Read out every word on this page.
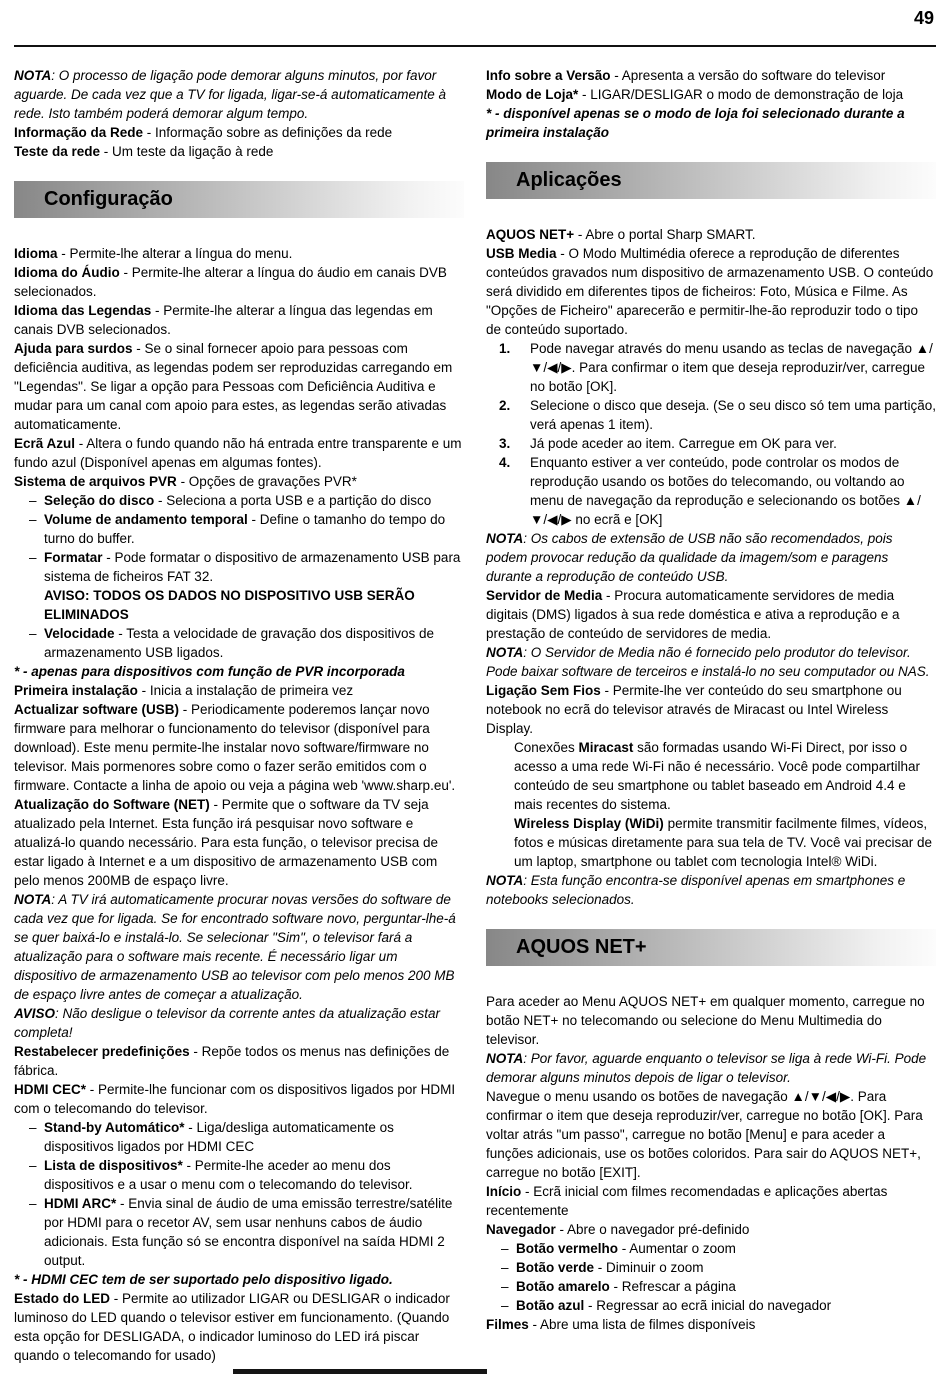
49
NOTA: O processo de ligação pode demorar alguns minutos, por favor aguarde. De cada vez que a TV for ligada, ligar-se-á automaticamente à rede. Isto também poderá demorar algum tempo.
Informação da Rede - Informação sobre as definições da rede
Teste da rede - Um teste da ligação à rede
Configuração
Idioma - Permite-lhe alterar a língua do menu.
Idioma do Áudio - Permite-lhe alterar a língua do áudio em canais DVB selecionados.
Idioma das Legendas - Permite-lhe alterar a língua das legendas em canais DVB selecionados.
Ajuda para surdos - Se o sinal fornecer apoio para pessoas com deficiência auditiva, as legendas podem ser reproduzidas carregando em "Legendas". Se ligar a opção para Pessoas com Deficiência Auditiva e mudar para um canal com apoio para estes, as legendas serão ativadas automaticamente.
Ecrã Azul - Altera o fundo quando não há entrada entre transparente e um fundo azul (Disponível apenas em algumas fontes).
Sistema de arquivos PVR - Opções de gravações PVR*
– Seleção do disco - Seleciona a porta USB e a partição do disco
– Volume de andamento temporal - Define o tamanho do tempo do turno do buffer.
– Formatar - Pode formatar o dispositivo de armazenamento USB para sistema de ficheiros FAT 32.
AVISO: TODOS OS DADOS NO DISPOSITIVO USB SERÃO ELIMINADOS
– Velocidade - Testa a velocidade de gravação dos dispositivos de armazenamento USB ligados.
* - apenas para dispositivos com função de PVR incorporada
Primeira instalação - Inicia a instalação de primeira vez
Actualizar software (USB) - Periodicamente poderemos lançar novo firmware para melhorar o funcionamento do televisor (disponível para download). Este menu permite-lhe instalar novo software/firmware no televisor. Mais pormenores sobre como o fazer serão emitidos com o firmware. Contacte a linha de apoio ou veja a página web 'www.sharp.eu'.
Atualização do Software (NET) - Permite que o software da TV seja atualizado pela Internet. Esta função irá pesquisar novo software e atualizá-lo quando necessário. Para esta função, o televisor precisa de estar ligado à Internet e a um dispositivo de armazenamento USB com pelo menos 200MB de espaço livre.
NOTA: A TV irá automaticamente procurar novas versões do software de cada vez que for ligada. Se for encontrado software novo, perguntar-lhe-á se quer baixá-lo e instalá-lo. Se selecionar "Sim", o televisor fará a atualização para o software mais recente. É necessário ligar um dispositivo de armazenamento USB ao televisor com pelo menos 200 MB de espaço livre antes de começar a atualização.
AVISO: Não desligue o televisor da corrente antes da atualização estar completa!
Restabelecer predefinições - Repõe todos os menus nas definições de fábrica.
HDMI CEC* - Permite-lhe funcionar com os dispositivos ligados por HDMI com o telecomando do televisor.
– Stand-by Automático* - Liga/desliga automaticamente os dispositivos ligados por HDMI CEC
– Lista de dispositivos* - Permite-lhe aceder ao menu dos dispositivos e a usar o menu com o telecomando do televisor.
– HDMI ARC* - Envia sinal de áudio de uma emissão terrestre/satélite por HDMI para o recetor AV, sem usar nenhuns cabos de áudio adicionais. Esta função só se encontra disponível na saída HDMI 2 output.
* - HDMI CEC tem de ser suportado pelo dispositivo ligado.
Estado do LED - Permite ao utilizador LIGAR ou DESLIGAR o indicador luminoso do LED quando o televisor estiver em funcionamento. (Quando esta opção for DESLIGADA, o indicador luminoso do LED irá piscar quando o telecomando for usado)
Info sobre a Versão - Apresenta a versão do software do televisor
Modo de Loja* - LIGAR/DESLIGAR o modo de demonstração de loja
* - disponível apenas se o modo de loja foi selecionado durante a primeira instalação
Aplicações
AQUOS NET+ - Abre o portal Sharp SMART.
USB Media - O Modo Multimédia oferece a reprodução de diferentes conteúdos gravados num dispositivo de armazenamento USB. O conteúdo será dividido em diferentes tipos de ficheiros: Foto, Música e Filme. As "Opções de Ficheiro" aparecerão e permitir-lhe-ão reproduzir todo o tipo de conteúdo suportado.
1. Pode navegar através do menu usando as teclas de navegação ▲/▼/◀/▶. Para confirmar o item que deseja reproduzir/ver, carregue no botão [OK].
2. Selecione o disco que deseja. (Se o seu disco só tem uma partição, verá apenas 1 item).
3. Já pode aceder ao item. Carregue em OK para ver.
4. Enquanto estiver a ver conteúdo, pode controlar os modos de reprodução usando os botões do telecomando, ou voltando ao menu de navegação da reprodução e selecionando os botões ▲/▼/◀/▶ no ecrã e [OK]
NOTA: Os cabos de extensão de USB não são recomendados, pois podem provocar redução da qualidade da imagem/som e paragens durante a reprodução de conteúdo USB.
Servidor de Media - Procura automaticamente servidores de media digitais (DMS) ligados à sua rede doméstica e ativa a reprodução e a prestação de conteúdo de servidores de media.
NOTA: O Servidor de Media não é fornecido pelo produtor do televisor. Pode baixar software de terceiros e instalá-lo no seu computador ou NAS.
Ligação Sem Fios - Permite-lhe ver conteúdo do seu smartphone ou notebook no ecrã do televisor através de Miracast ou Intel Wireless Display.
Conexões Miracast são formadas usando Wi-Fi Direct, por isso o acesso a uma rede Wi-Fi não é necessário. Você pode compartilhar conteúdo de seu smartphone ou tablet baseado em Android 4.4 e mais recentes do sistema.
Wireless Display (WiDi) permite transmitir facilmente filmes, vídeos, fotos e músicas diretamente para sua tela de TV. Você vai precisar de um laptop, smartphone ou tablet com tecnologia Intel® WiDi.
NOTA: Esta função encontra-se disponível apenas em smartphones e notebooks selecionados.
AQUOS NET+
Para aceder ao Menu AQUOS NET+ em qualquer momento, carregue no botão NET+ no telecomando ou selecione do Menu Multimedia do televisor.
NOTA: Por favor, aguarde enquanto o televisor se liga à rede Wi-Fi. Pode demorar alguns minutos depois de ligar o televisor.
Navegue o menu usando os botões de navegação ▲/▼/◀/▶. Para confirmar o item que deseja reproduzir/ver, carregue no botão [OK]. Para voltar atrás "um passo", carregue no botão [Menu] e para aceder a funções adicionais, use os botões coloridos. Para sair do AQUOS NET+, carregue no botão [EXIT].
Início - Ecrã inicial com filmes recomendadas e aplicações abertas recentemente
Navegador - Abre o navegador pré-definido
– Botão vermelho - Aumentar o zoom
– Botão verde - Diminuir o zoom
– Botão amarelo - Refrescar a página
– Botão azul - Regressar ao ecrã inicial do navegador
Filmes - Abre uma lista de filmes disponíveis
